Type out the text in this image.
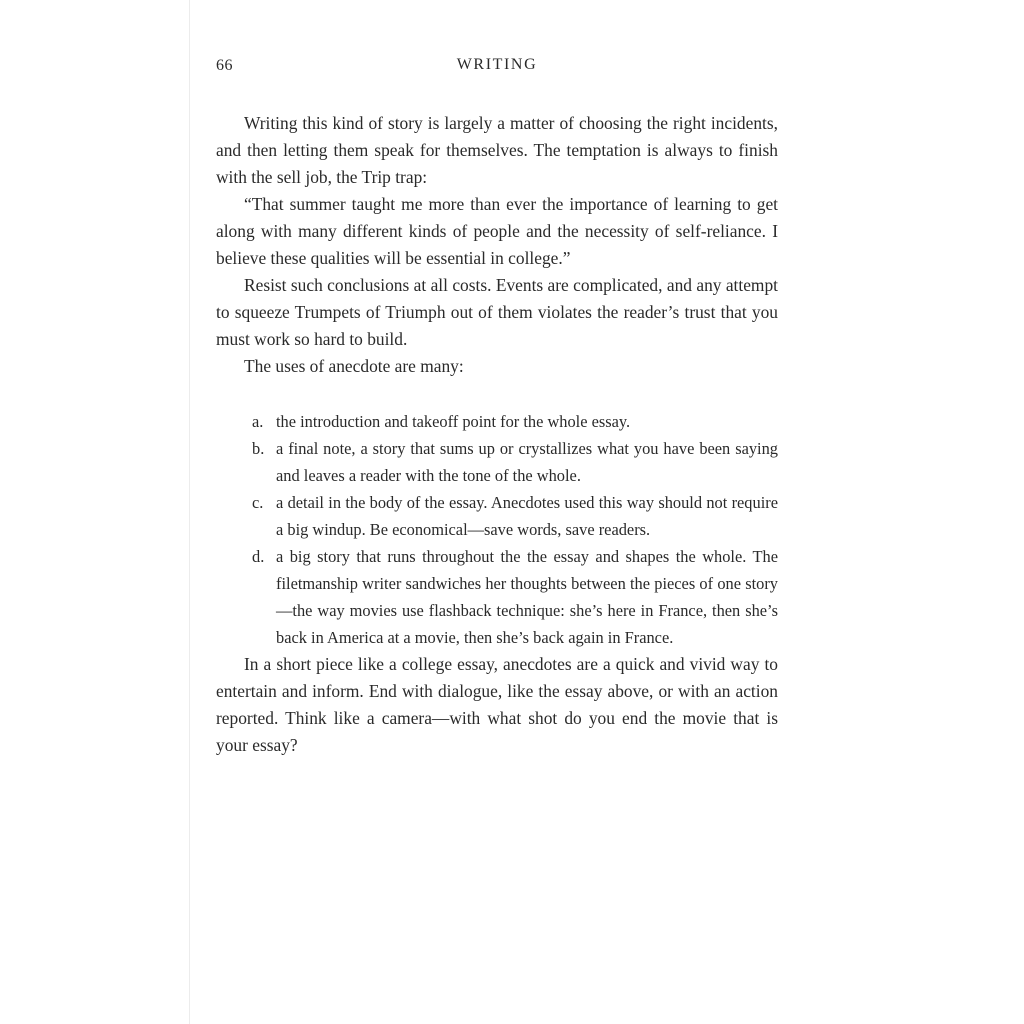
66	WRITING

Writing this kind of story is largely a matter of choosing the right incidents, and then letting them speak for themselves. The temptation is always to finish with the sell job, the Trip trap:

“That summer taught me more than ever the importance of learning to get along with many different kinds of people and the necessity of self-reliance. I believe these qualities will be essential in college.”

Resist such conclusions at all costs. Events are complicated, and any attempt to squeeze Trumpets of Triumph out of them violates the reader’s trust that you must work so hard to build.

The uses of anecdote are many:

a. the introduction and takeoff point for the whole essay.
b. a final note, a story that sums up or crystallizes what you have been saying and leaves a reader with the tone of the whole.
c. a detail in the body of the essay. Anecdotes used this way should not require a big windup. Be economical—save words, save readers.
d. a big story that runs throughout the the essay and shapes the whole. The filetmanship writer sandwiches her thoughts between the pieces of one story—the way movies use flashback technique: she’s here in France, then she’s back in America at a movie, then she’s back again in France.

In a short piece like a college essay, anecdotes are a quick and vivid way to entertain and inform. End with dialogue, like the essay above, or with an action reported. Think like a camera—with what shot do you end the movie that is your essay?
